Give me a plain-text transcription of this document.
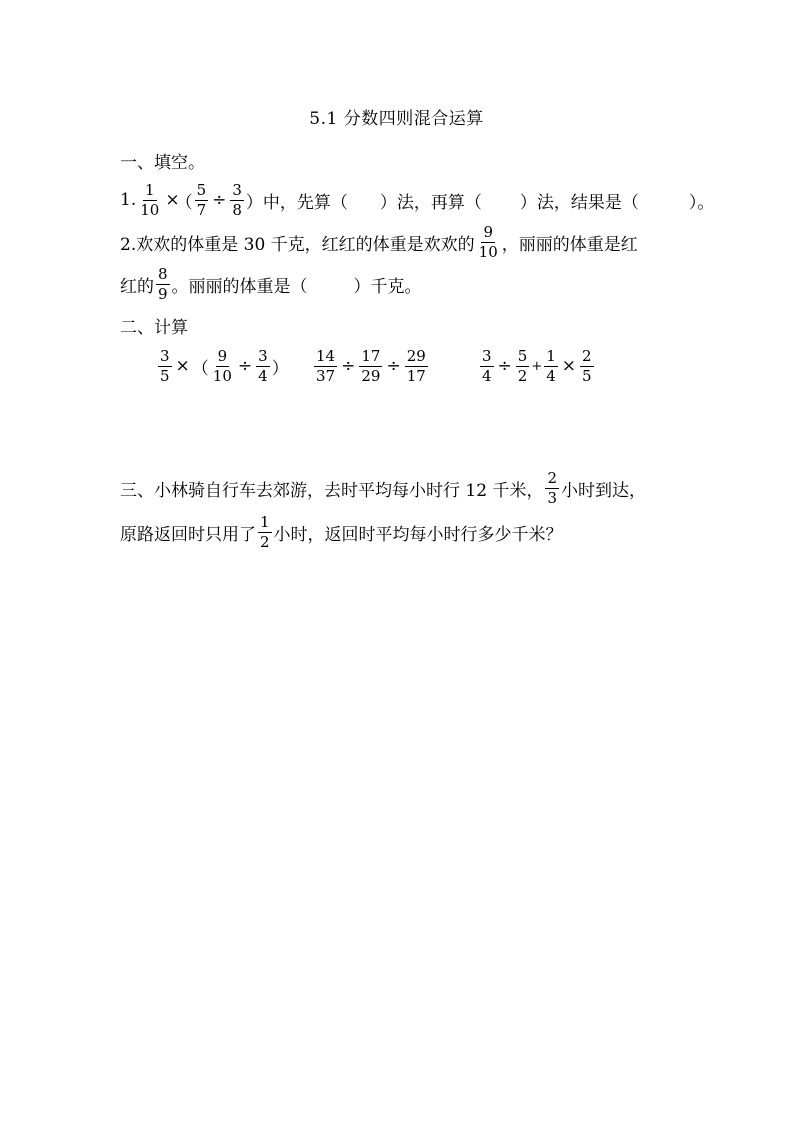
5.1 分数四则混合运算
一、填空。
1. $\frac{1}{10}$ ×
（ $\frac{5}{7} \div \frac{3}{8}$ ）中，先算（ ）法，再算（ ）法，结果是（	）。
2.欢欢的体重是 30 千克，红红的体重是欢欢的 $\frac{9}{10}$ ，丽丽的体重是红
红的 $\frac{8}{9}$ 。丽丽的体重是（	）千克。
二、计算
$\frac{3}{5}$ × （ $\frac{9}{10} \div \frac{3}{4}$ ） $\frac{14}{37} \div \frac{17}{29} \div \frac{29}{17}$	$\frac{3}{4} \div \frac{5}{2} + \frac{1}{4} \times \frac{2}{5}$
三、小林骑自行车去郊游，去时平均每小时行 12 千米， $\frac{2}{3}$ 小时到达，
原路返回时只用了 $\frac{1}{2}$ 小时，返回时平均每小时行多少千米？
